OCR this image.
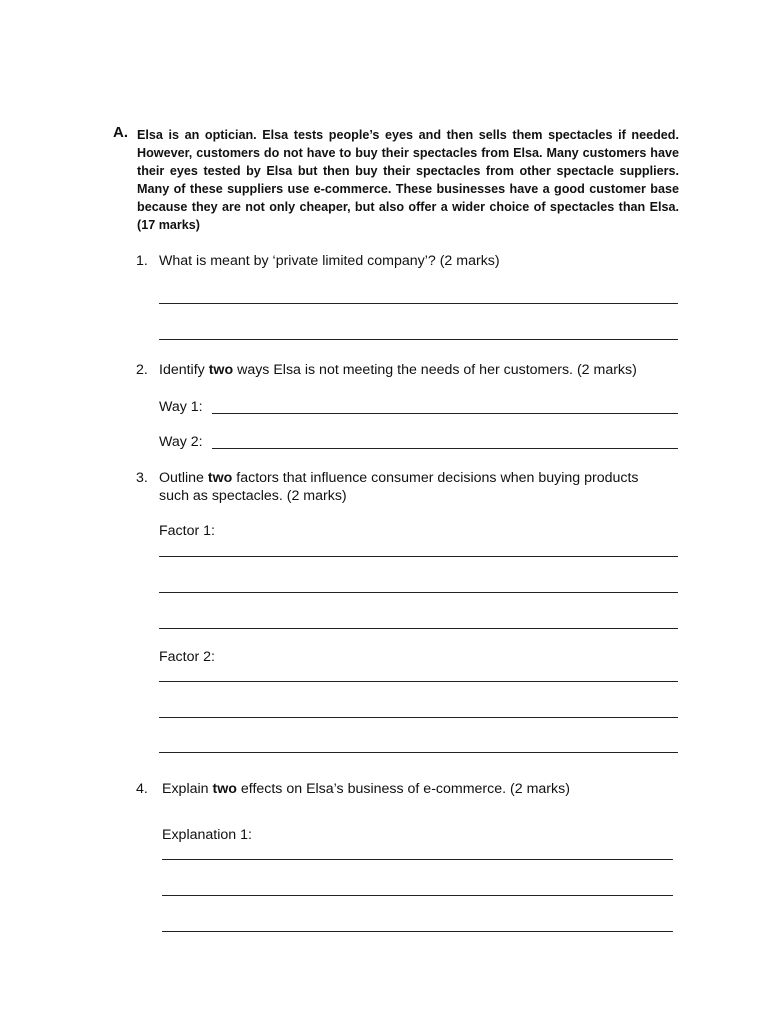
A. Elsa is an optician. Elsa tests people’s eyes and then sells them spectacles if needed. However, customers do not have to buy their spectacles from Elsa. Many customers have their eyes tested by Elsa but then buy their spectacles from other spectacle suppliers. Many of these suppliers use e-commerce. These businesses have a good customer base because they are not only cheaper, but also offer a wider choice of spectacles than Elsa. (17 marks)
1. What is meant by ‘private limited company’? (2 marks)
2. Identify two ways Elsa is not meeting the needs of her customers. (2 marks)
Way 1:
Way 2:
3. Outline two factors that influence consumer decisions when buying products
such as spectacles. (2 marks)
Factor 1:
Factor 2:
4. Explain two effects on Elsa’s business of e-commerce. (2 marks)
Explanation 1:
